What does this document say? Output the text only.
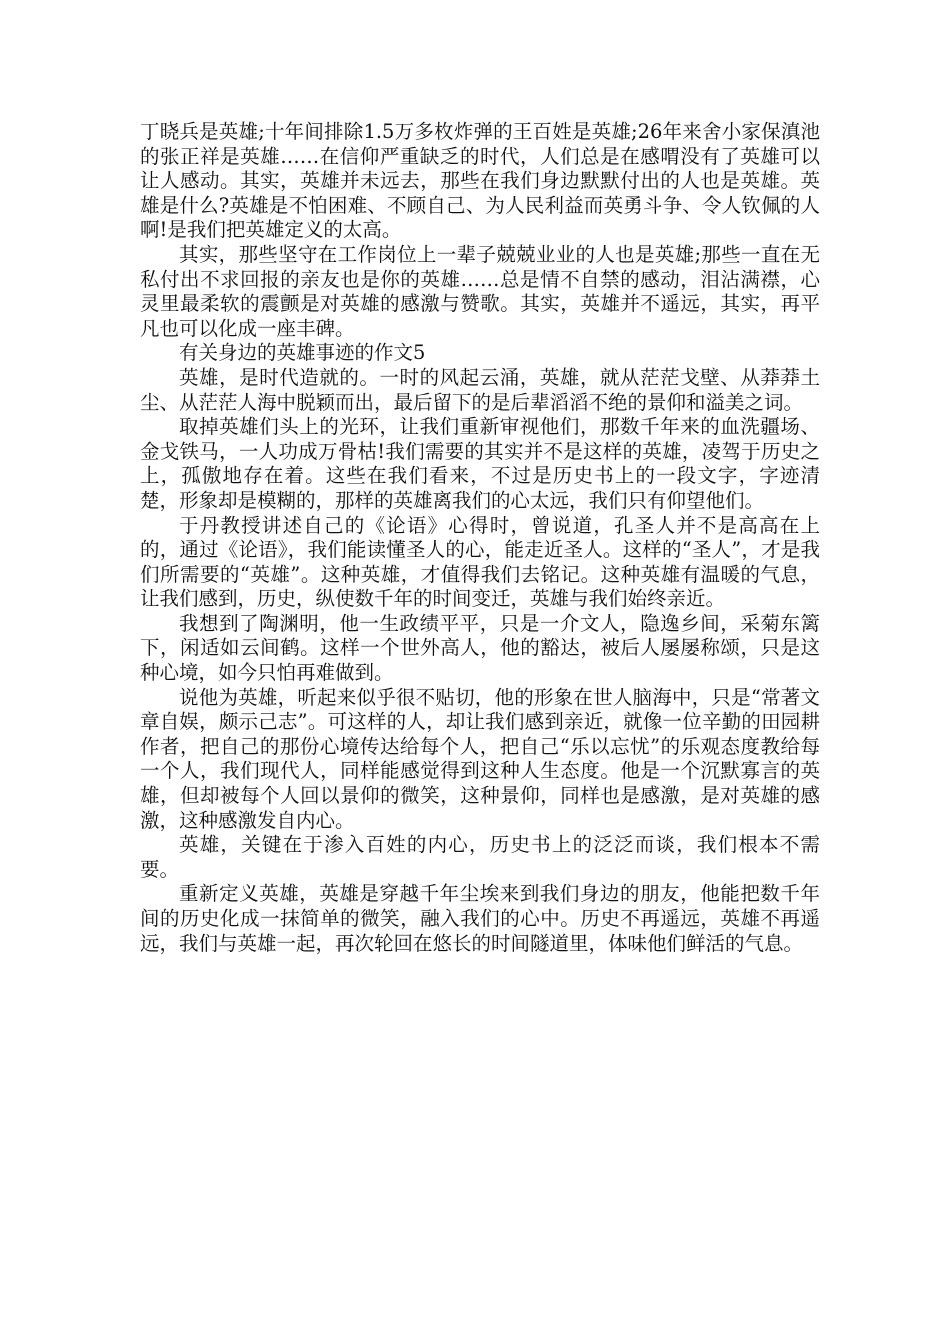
丁晓兵是英雄;十年间排除1.5万多枚炸弹的王百姓是英雄;26年来舍小家保滇池的张正祥是英雄……在信仰严重缺乏的时代，人们总是在感喟没有了英雄可以让人感动。其实，英雄并未远去，那些在我们身边默默付出的人也是英雄。英雄是什么?英雄是不怕困难、不顾自己、为人民利益而英勇斗争、令人钦佩的人啊!是我们把英雄定义的太高。

其实，那些坚守在工作岗位上一辈子兢兢业业的人也是英雄;那些一直在无私付出不求回报的亲友也是你的英雄……总是情不自禁的感动，泪沾满襟，心灵里最柔软的震颤是对英雄的感激与赞歌。其实，英雄并不遥远，其实，再平凡也可以化成一座丰碑。

有关身边的英雄事迹的作文5

英雄，是时代造就的。一时的风起云涌，英雄，就从茫茫戈壁、从莽莽土尘、从茫茫人海中脱颖而出，最后留下的是后辈滔滔不绝的景仰和溢美之词。

取掉英雄们头上的光环，让我们重新审视他们，那数千年来的血洗疆场、金戈铁马，一人功成万骨枯!我们需要的其实并不是这样的英雄，凌驾于历史之上，孤傲地存在着。这些在我们看来，不过是历史书上的一段文字，字迹清楚，形象却是模糊的，那样的英雄离我们的心太远，我们只有仰望他们。

于丹教授讲述自己的《论语》心得时，曾说道，孔圣人并不是高高在上的，通过《论语》，我们能读懂圣人的心，能走近圣人。这样的“圣人”，才是我们所需要的“英雄”。这种英雄，才值得我们去铭记。这种英雄有温暖的气息，让我们感到，历史，纵使数千年的时间变迁，英雄与我们始终亲近。

我想到了陶渊明，他一生政绩平平，只是一介文人，隐逸乡间，采菊东篱下，闲适如云间鹤。这样一个世外高人，他的豁达，被后人屡屡称颂，只是这种心境，如今只怕再难做到。

说他为英雄，听起来似乎很不贴切，他的形象在世人脑海中，只是“常著文章自娱，颇示己志”。可这样的人，却让我们感到亲近，就像一位辛勤的田园耕作者，把自己的那份心境传达给每个人，把自己“乐以忘忧”的乐观态度教给每一个人，我们现代人，同样能感觉得到这种人生态度。他是一个沉默寡言的英雄，但却被每个人回以景仰的微笑，这种景仰，同样也是感激，是对英雄的感激，这种感激发自内心。

英雄，关键在于渗入百姓的内心，历史书上的泛泛而谈，我们根本不需要。

重新定义英雄，英雄是穿越千年尘埃来到我们身边的朋友，他能把数千年间的历史化成一抹简单的微笑，融入我们的心中。历史不再遥远，英雄不再遥远，我们与英雄一起，再次轮回在悠长的时间隧道里，体味他们鲜活的气息。
